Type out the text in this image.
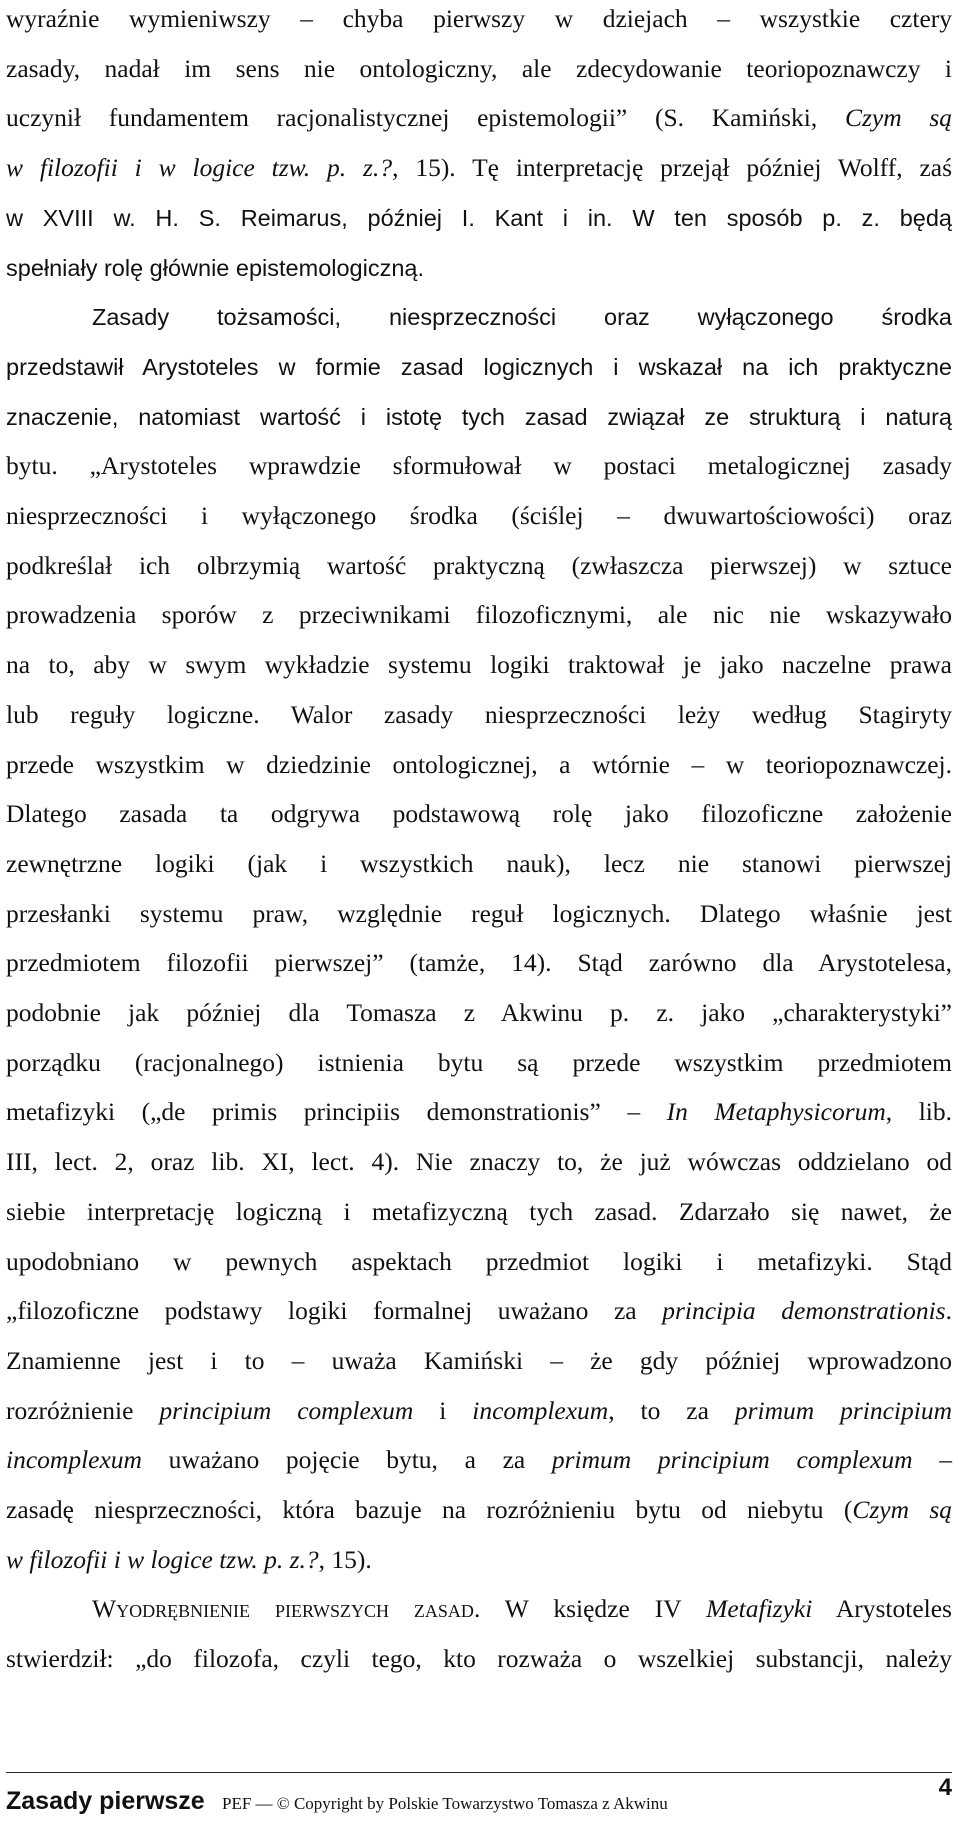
wyraźnie wymieniwszy – chyba pierwszy w dziejach – wszystkie cztery
zasady, nadał im sens nie ontologiczny, ale zdecydowanie teoriopoznawczy i
uczynił fundamentem racjonalistycznej epistemologii” (S. Kamiński, Czym są
w filozofii i w logice tzw. p. z.?, 15). Tę interpretację przejął później Wolff, zaś
w XVIII w. H. S. Reimarus, później I. Kant i in. W ten sposób p. z. będą
spełniały rolę głównie epistemologiczną.
Zasady tożsamości, niesprzeczności oraz wyłączonego środka
przedstawił Arystoteles w formie zasad logicznych i wskazał na ich praktyczne
znaczenie, natomiast wartość i istotę tych zasad związał ze strukturą i naturą
bytu. „Arystoteles wprawdzie sformułował w postaci metalogicznej zasady
niesprzeczności i wyłączonego środka (ściślej – dwuwartościowości) oraz
podkreślał ich olbrzymią wartość praktyczną (zwłaszcza pierwszej) w sztuce
prowadzenia sporów z przeciwnikami filozoficznymi, ale nic nie wskazywało
na to, aby w swym wykładzie systemu logiki traktował je jako naczelne prawa
lub reguły logiczne. Walor zasady niesprzeczności leży według Stagiryty
przede wszystkim w dziedzinie ontologicznej, a wtórnie – w teoriopoznawczej.
Dlatego zasada ta odgrywa podstawową rolę jako filozoficzne założenie
zewnętrzne logiki (jak i wszystkich nauk), lecz nie stanowi pierwszej
przesłanki systemu praw, względnie reguł logicznych. Dlatego właśnie jest
przedmiotem filozofii pierwszej” (tamże, 14). Stąd zarówno dla Arystotelesa,
podobnie jak później dla Tomasza z Akwinu p. z. jako „charakterystyki”
porządku (racjonalnego) istnienia bytu są przede wszystkim przedmiotem
metafizyki („de primis principiis demonstrationis” – In Metaphysicorum, lib.
III, lect. 2, oraz lib. XI, lect. 4). Nie znaczy to, że już wówczas oddzielano od
siebie interpretację logiczną i metafizyczną tych zasad. Zdarzało się nawet, że
upodobniano w pewnych aspektach przedmiot logiki i metafizyki. Stąd
„filozoficzne podstawy logiki formalnej uważano za principia demonstrationis.
Znamienne jest i to – uważa Kamiński – że gdy później wprowadzono
rozróżnienie principium complexum i incomplexum, to za primum principium
incomplexum uważano pojęcie bytu, a za primum principium complexum –
zasadę niesprzeczności, która bazuje na rozróżnieniu bytu od niebytu (Czym są
w filozofii i w logice tzw. p. z.?, 15).
Wyodrębnienie pierwszych zasad. W księdze IV Metafizyki Arystoteles
stwierdził: „do filozofa, czyli tego, kto rozważa o wszelkiej substancji, należy
Zasady pierwsze PEF — © Copyright by Polskie Towarzystwo Tomasza z Akwinu
4
